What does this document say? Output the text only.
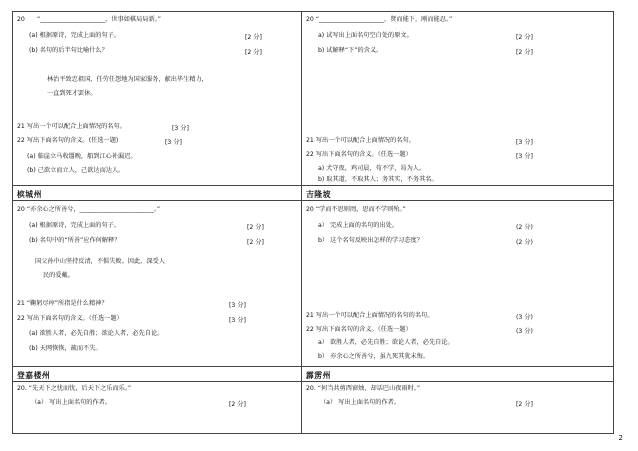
20 “_____________________，世事如棋局局新。”
(a) 根据原诗，完成上面的句子。	[2 分]
(b) 名句的后半句比喻什么？	[2 分]
林治平致忠祖国，任劳任怨地为国家服务，献出毕生精力，
一直到死才罢休。
21 写出一个可以配合上面情况的名句。	[3 分]
22 写出下面名句的含义。(任选一题)	[3 分]
(a) 临崖立马收缰晚，船到江心补漏迟。
(b) 己欲立而立人，己欲达而达人。
20 “_____________________，贤而能下，刚而能忍。”
a) 试写出上面名句空白处的原文。	[2 分]
b) 试解释“下”的含义。	[2 分]
21 写出一个可以配合上面情况的名句。	[3 分]
22 写出下面名句的含义。（任选一题）	[3 分]
a) 犬守夜，鸡司晨，苟不学，曷为人。
b) 取其道，不取其人；务其实，不务其名。
槟城州
20 “亦余心之所善兮，________________________。”
(a) 根据原诗，完成上面的句子。	[2 分]
(b) 名句中的“所善”应作何解释？	[2 分]
国父孙中山坚持反清，不惧失败。因此，深受人
民的爱戴。
21 “鞠躬尽瘁”所指是什么精神？	[3 分]
22 写出下面名句的含义。（任选一题）	[3 分]
(a) 欲胜人者，必先自胜；欲论人者，必先自论。
(b) 天网恢恢，疏而不失。
吉隆坡
20 “学而不思则罔，思而不学则殆。”
a） 完成上面的名句的出处。	(2 分)
b） 这个名句反映出怎样的学习态度？	(2 分)
21 写出一个可以配合上面情况的名句的名句。	(3 分)
22 写出下面名句的含义。（任选一题）	(3 分)
a） 欲胜人者，必先自胜；欲论人者，必先自论。
b） 亦余心之所善兮，虽九死其犹未悔。
登嘉楼州
20. “先天下之忧而忧，后天下之乐而乐。”
（a） 写出上面名句的作者。	[2 分]
霹雳州
20. “何当共剪西窗烛，却话巴山夜雨时。”
（a） 写出上面名句的作者。	[2 分]
2
